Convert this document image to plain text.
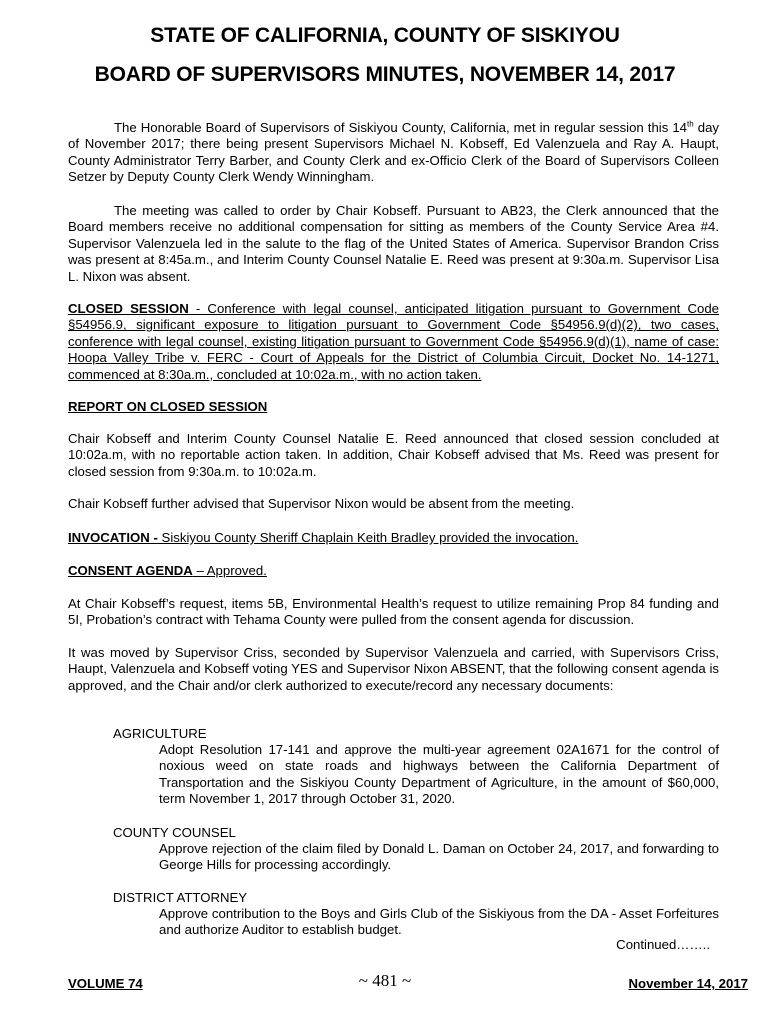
STATE OF CALIFORNIA, COUNTY OF SISKIYOU
BOARD OF SUPERVISORS MINUTES, NOVEMBER 14, 2017

The Honorable Board of Supervisors of Siskiyou County, California, met in regular session this 14th day of November 2017; there being present Supervisors Michael N. Kobseff, Ed Valenzuela and Ray A. Haupt, County Administrator Terry Barber, and County Clerk and ex-Officio Clerk of the Board of Supervisors Colleen Setzer by Deputy County Clerk Wendy Winningham.

The meeting was called to order by Chair Kobseff. Pursuant to AB23, the Clerk announced that the Board members receive no additional compensation for sitting as members of the County Service Area #4. Supervisor Valenzuela led in the salute to the flag of the United States of America. Supervisor Brandon Criss was present at 8:45a.m., and Interim County Counsel Natalie E. Reed was present at 9:30a.m. Supervisor Lisa L. Nixon was absent.

CLOSED SESSION - Conference with legal counsel, anticipated litigation pursuant to Government Code §54956.9, significant exposure to litigation pursuant to Government Code §54956.9(d)(2), two cases, conference with legal counsel, existing litigation pursuant to Government Code §54956.9(d)(1), name of case: Hoopa Valley Tribe v. FERC - Court of Appeals for the District of Columbia Circuit, Docket No. 14-1271, commenced at 8:30a.m., concluded at 10:02a.m., with no action taken.

REPORT ON CLOSED SESSION

Chair Kobseff and Interim County Counsel Natalie E. Reed announced that closed session concluded at 10:02a.m, with no reportable action taken. In addition, Chair Kobseff advised that Ms. Reed was present for closed session from 9:30a.m. to 10:02a.m.

Chair Kobseff further advised that Supervisor Nixon would be absent from the meeting.

INVOCATION - Siskiyou County Sheriff Chaplain Keith Bradley provided the invocation.

CONSENT AGENDA – Approved.

At Chair Kobseff’s request, items 5B, Environmental Health’s request to utilize remaining Prop 84 funding and 5I, Probation’s contract with Tehama County were pulled from the consent agenda for discussion.

It was moved by Supervisor Criss, seconded by Supervisor Valenzuela and carried, with Supervisors Criss, Haupt, Valenzuela and Kobseff voting YES and Supervisor Nixon ABSENT, that the following consent agenda is approved, and the Chair and/or clerk authorized to execute/record any necessary documents:

AGRICULTURE

Adopt Resolution 17-141 and approve the multi-year agreement 02A1671 for the control of noxious weed on state roads and highways between the California Department of Transportation and the Siskiyou County Department of Agriculture, in the amount of $60,000, term November 1, 2017 through October 31, 2020.

COUNTY COUNSEL

Approve rejection of the claim filed by Donald L. Daman on October 24, 2017, and forwarding to George Hills for processing accordingly.

DISTRICT ATTORNEY

Approve contribution to the Boys and Girls Club of the Siskiyous from the DA - Asset Forfeitures and authorize Auditor to establish budget.

Continued……..
VOLUME 74	~ 481 ~	November 14, 2017
